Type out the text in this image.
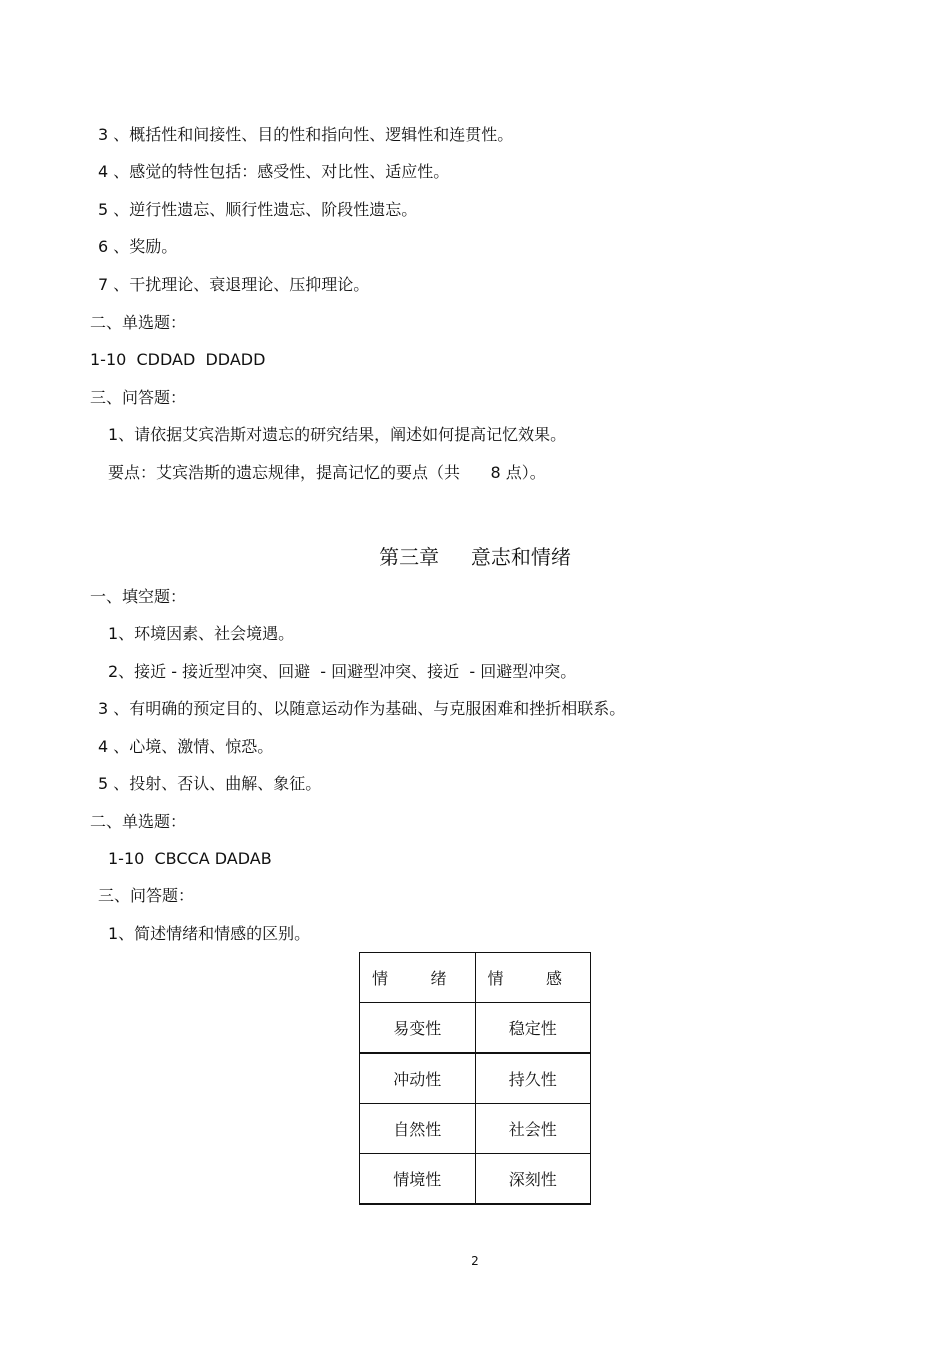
3 、概括性和间接性、目的性和指向性、逻辑性和连贯性。
4 、感觉的特性包括：感受性、对比性、适应性。
5 、逆行性遗忘、顺行性遗忘、阶段性遗忘。
6 、奖励。
7 、干扰理论、衰退理论、压抑理论。
二、单选题：
1-10  CDDAD  DDADD
三、问答题：
1、请依据艾宾浩斯对遗忘的研究结果，阐述如何提高记忆效果。
要点：艾宾浩斯的遗忘规律，提高记忆的要点（共      8 点）。
第三章     意志和情绪
一、填空题：
1、环境因素、社会境遇。
2、接近 - 接近型冲突、回避  - 回避型冲突、接近  - 回避型冲突。
3 、有明确的预定目的、以随意运动作为基础、与克服困难和挫折相联系。
4 、心境、激情、惊恐。
5 、投射、否认、曲解、象征。
二、单选题：
1-10  CBCCA DADAB
三、问答题：
1、简述情绪和情感的区别。
情 绪	情 感

易变性	稳定性
冲动性	持久性
自然性	社会性
情境性	深刻性
2
